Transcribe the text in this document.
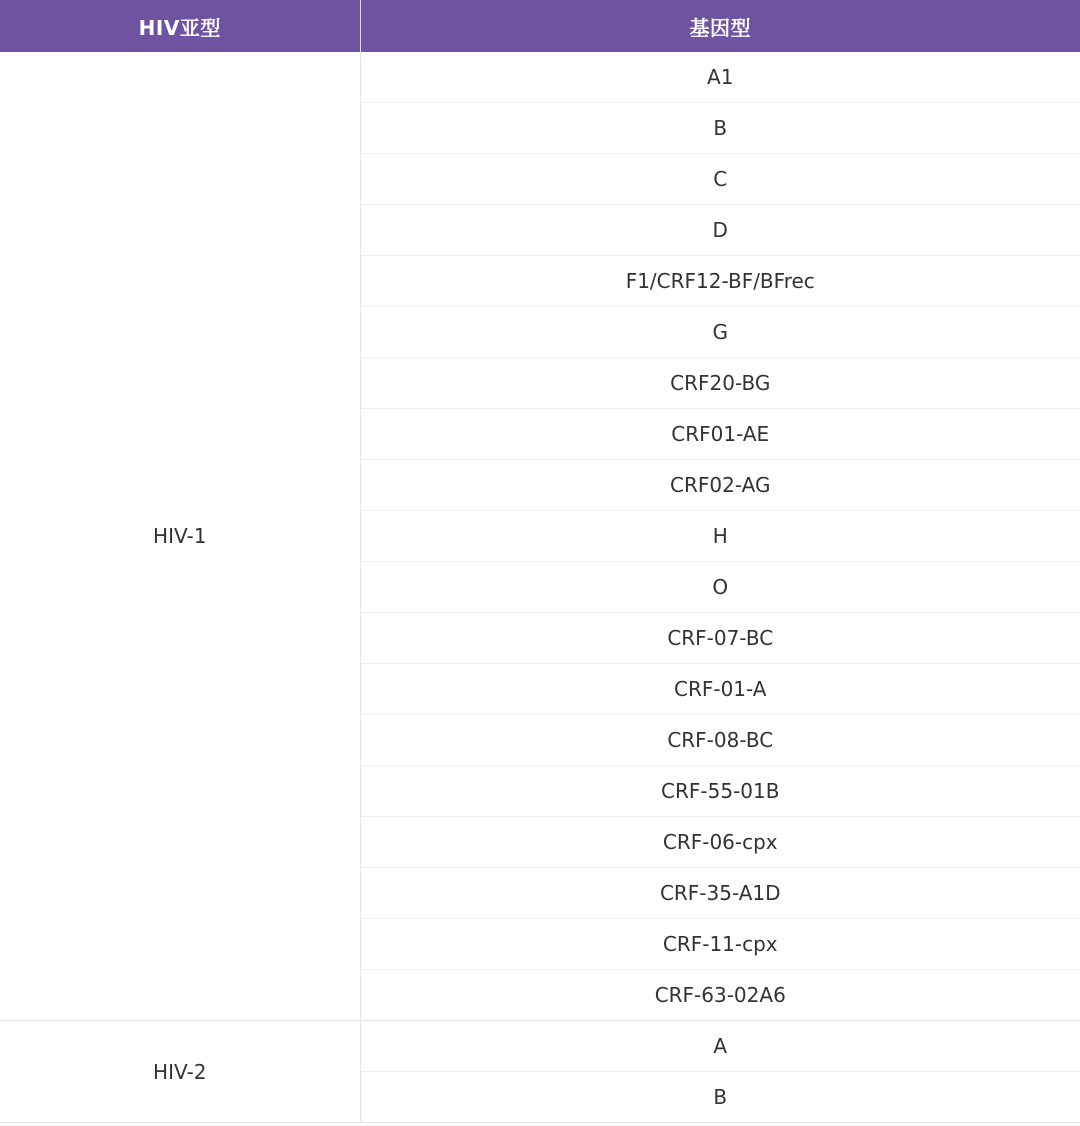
HIV亚型	基因型
HIV-1	A1
	B
	C
	D
	F1/CRF12-BF/BFrec
	G
	CRF20-BG
	CRF01-AE
	CRF02-AG
	H
	O
	CRF-07-BC
	CRF-01-A
	CRF-08-BC
	CRF-55-01B
	CRF-06-cpx
	CRF-35-A1D
	CRF-11-cpx
	CRF-63-02A6
HIV-2	A
	B
